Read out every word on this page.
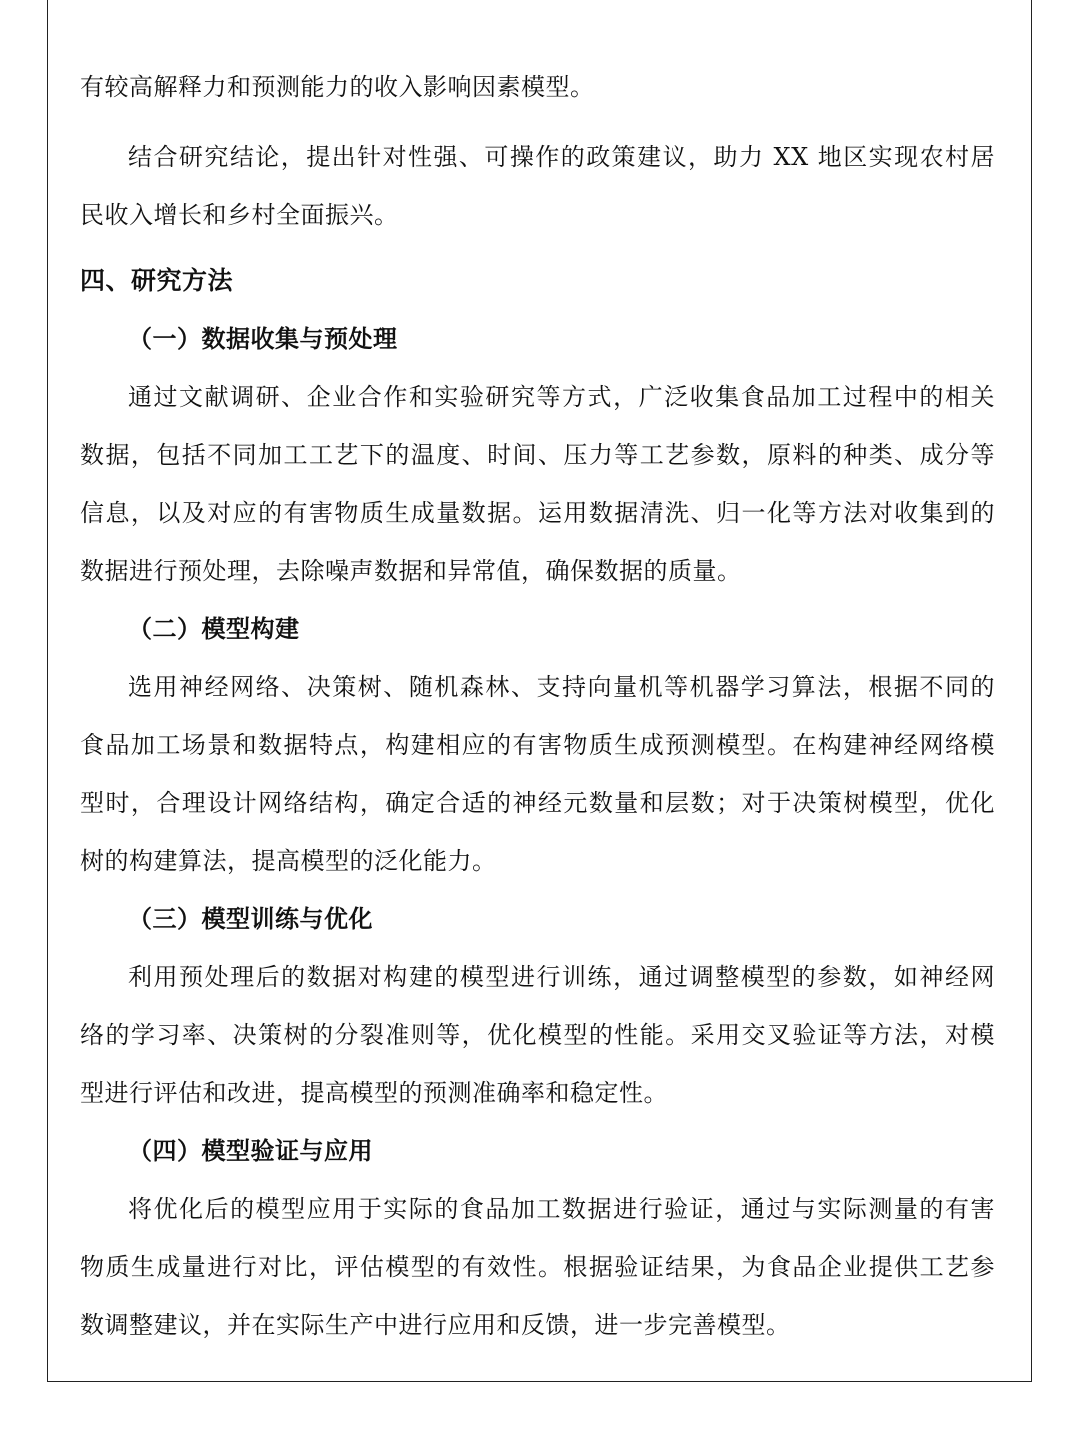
有较高解释力和预测能力的收入影响因素模型。

结合研究结论，提出针对性强、可操作的政策建议，助力 XX 地区实现农村居

民收入增长和乡村全面振兴。

四、研究方法
（一）数据收集与预处理

通过文献调研、企业合作和实验研究等方式，广泛收集食品加工过程中的相关

数据，包括不同加工工艺下的温度、时间、压力等工艺参数，原料的种类、成分等

信息，以及对应的有害物质生成量数据。运用数据清洗、归一化等方法对收集到的

数据进行预处理，去除噪声数据和异常值，确保数据的质量。

（二）模型构建

选用神经网络、决策树、随机森林、支持向量机等机器学习算法，根据不同的

食品加工场景和数据特点，构建相应的有害物质生成预测模型。在构建神经网络模

型时，合理设计网络结构，确定合适的神经元数量和层数；对于决策树模型，优化

树的构建算法，提高模型的泛化能力。

（三）模型训练与优化

利用预处理后的数据对构建的模型进行训练，通过调整模型的参数，如神经网

络的学习率、决策树的分裂准则等，优化模型的性能。采用交叉验证等方法，对模

型进行评估和改进，提高模型的预测准确率和稳定性。

（四）模型验证与应用

将优化后的模型应用于实际的食品加工数据进行验证，通过与实际测量的有害

物质生成量进行对比，评估模型的有效性。根据验证结果，为食品企业提供工艺参

数调整建议，并在实际生产中进行应用和反馈，进一步完善模型。
